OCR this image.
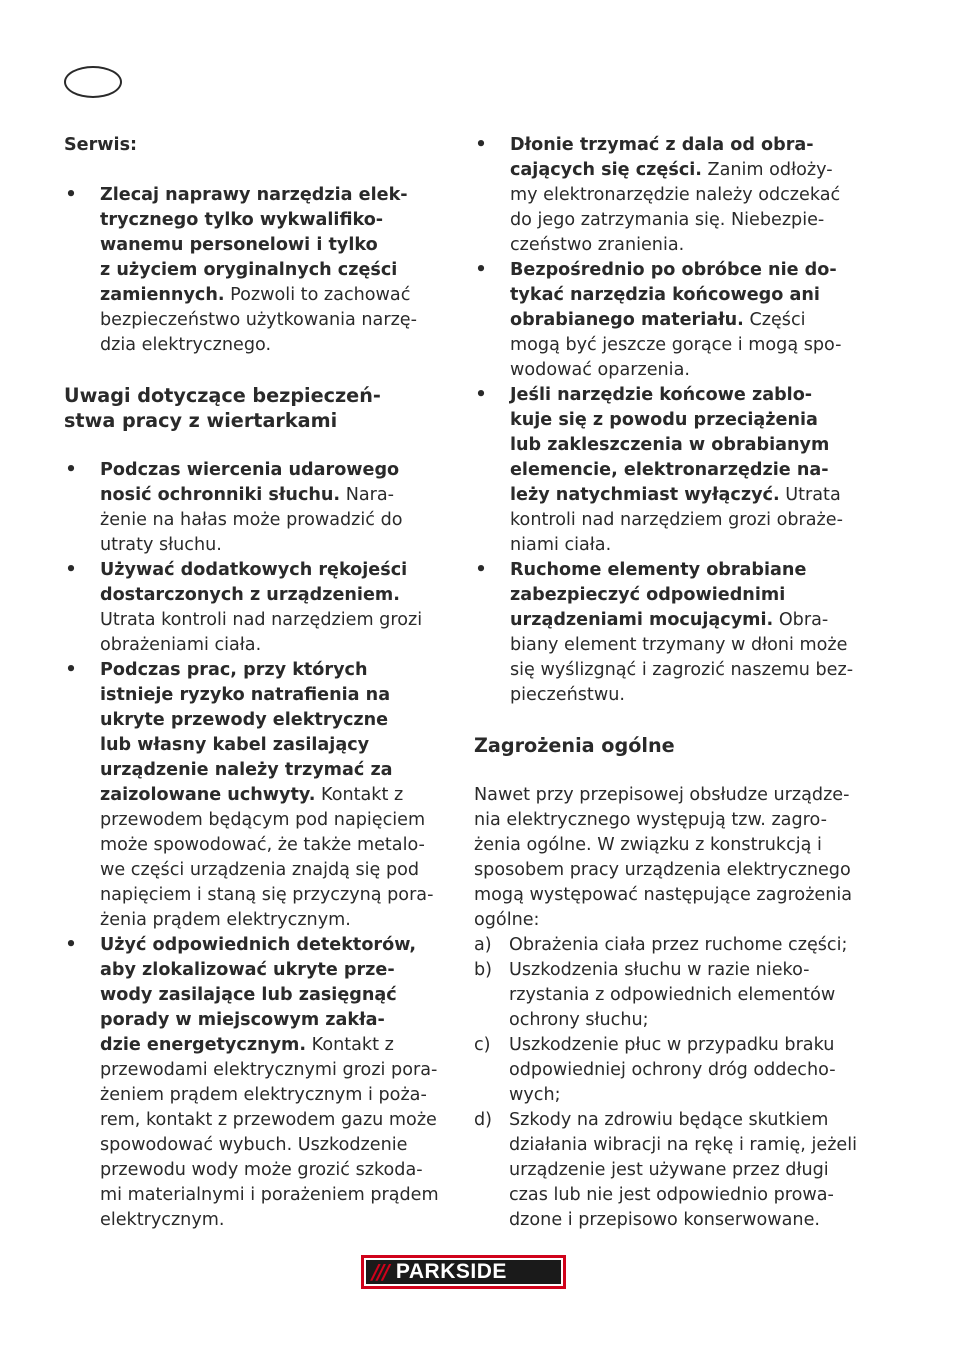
Serwis:

• Zlecaj naprawy narzędzia elek-
trycznego tylko wykwalifiko-
wanemu personelowi i tylko
z użyciem oryginalnych części
zamiennych. Pozwoli to zachować
bezpieczeństwo użytkowania narzę-
dzia elektrycznego.

Uwagi dotyczące bezpieczeń-
stwa pracy z wiertarkami

• Podczas wiercenia udarowego
nosić ochronniki słuchu. Nara-
żenie na hałas może prowadzić do
utraty słuchu.
• Używać dodatkowych rękojeści
dostarczonych z urządzeniem.
Utrata kontroli nad narzędziem grozi
obrażeniami ciała.
• Podczas prac, przy których
istnieje ryzyko natrafienia na
ukryte przewody elektryczne
lub własny kabel zasilający
urządzenie należy trzymać za
zaizolowane uchwyty. Kontakt z
przewodem będącym pod napięciem
może spowodować, że także metalo-
we części urządzenia znajdą się pod
napięciem i staną się przyczyną pora-
żenia prądem elektrycznym.
• Użyć odpowiednich detektorów,
aby zlokalizować ukryte prze-
wody zasilające lub zasięgnąć
porady w miejscowym zakła-
dzie energetycznym. Kontakt z
przewodami elektrycznymi grozi pora-
żeniem prądem elektrycznym i poża-
rem, kontakt z przewodem gazu może
spowodować wybuch. Uszkodzenie
przewodu wody może grozić szkoda-
mi materialnymi i porażeniem prądem
elektrycznym.
• Dłonie trzymać z dala od obra-
cających się części. Zanim odłoży-
my elektronarzędzie należy odczekać
do jego zatrzymania się. Niebezpie-
czeństwo zranienia.
• Bezpośrednio po obróbce nie do-
tykać narzędzia końcowego ani
obrabianego materiału. Części
mogą być jeszcze gorące i mogą spo-
wodować oparzenia.
• Jeśli narzędzie końcowe zablo-
kuje się z powodu przeciążenia
lub zakleszczenia w obrabianym
elemencie, elektronarzędzie na-
leży natychmiast wyłączyć. Utrata
kontroli nad narzędziem grozi obraże-
niami ciała.
• Ruchome elementy obrabiane
zabezpieczyć odpowiednimi
urządzeniami mocującymi. Obra-
biany element trzymany w dłoni może
się wyślizgnąć i zagrozić naszemu bez-
pieczeństwu.

Zagrożenia ogólne

Nawet przy przepisowej obsłudze urządze-
nia elektrycznego występują tzw. zagro-
żenia ogólne. W związku z konstrukcją i
sposobem pracy urządzenia elektrycznego
mogą występować następujące zagrożenia
ogólne:

a) Obrażenia ciała przez ruchome części;
b) Uszkodzenia słuchu w razie nieko-
rzystania z odpowiednich elementów
ochrony słuchu;
c) Uszkodzenie płuc w przypadku braku
odpowiedniej ochrony dróg oddecho-
wych;
d) Szkody na zdrowiu będące skutkiem
działania wibracji na rękę i ramię, jeżeli
urządzenie jest używane przez długi
czas lub nie jest odpowiednio prowa-
dzone i przepisowo konserwowane.
/// PARKSIDE
